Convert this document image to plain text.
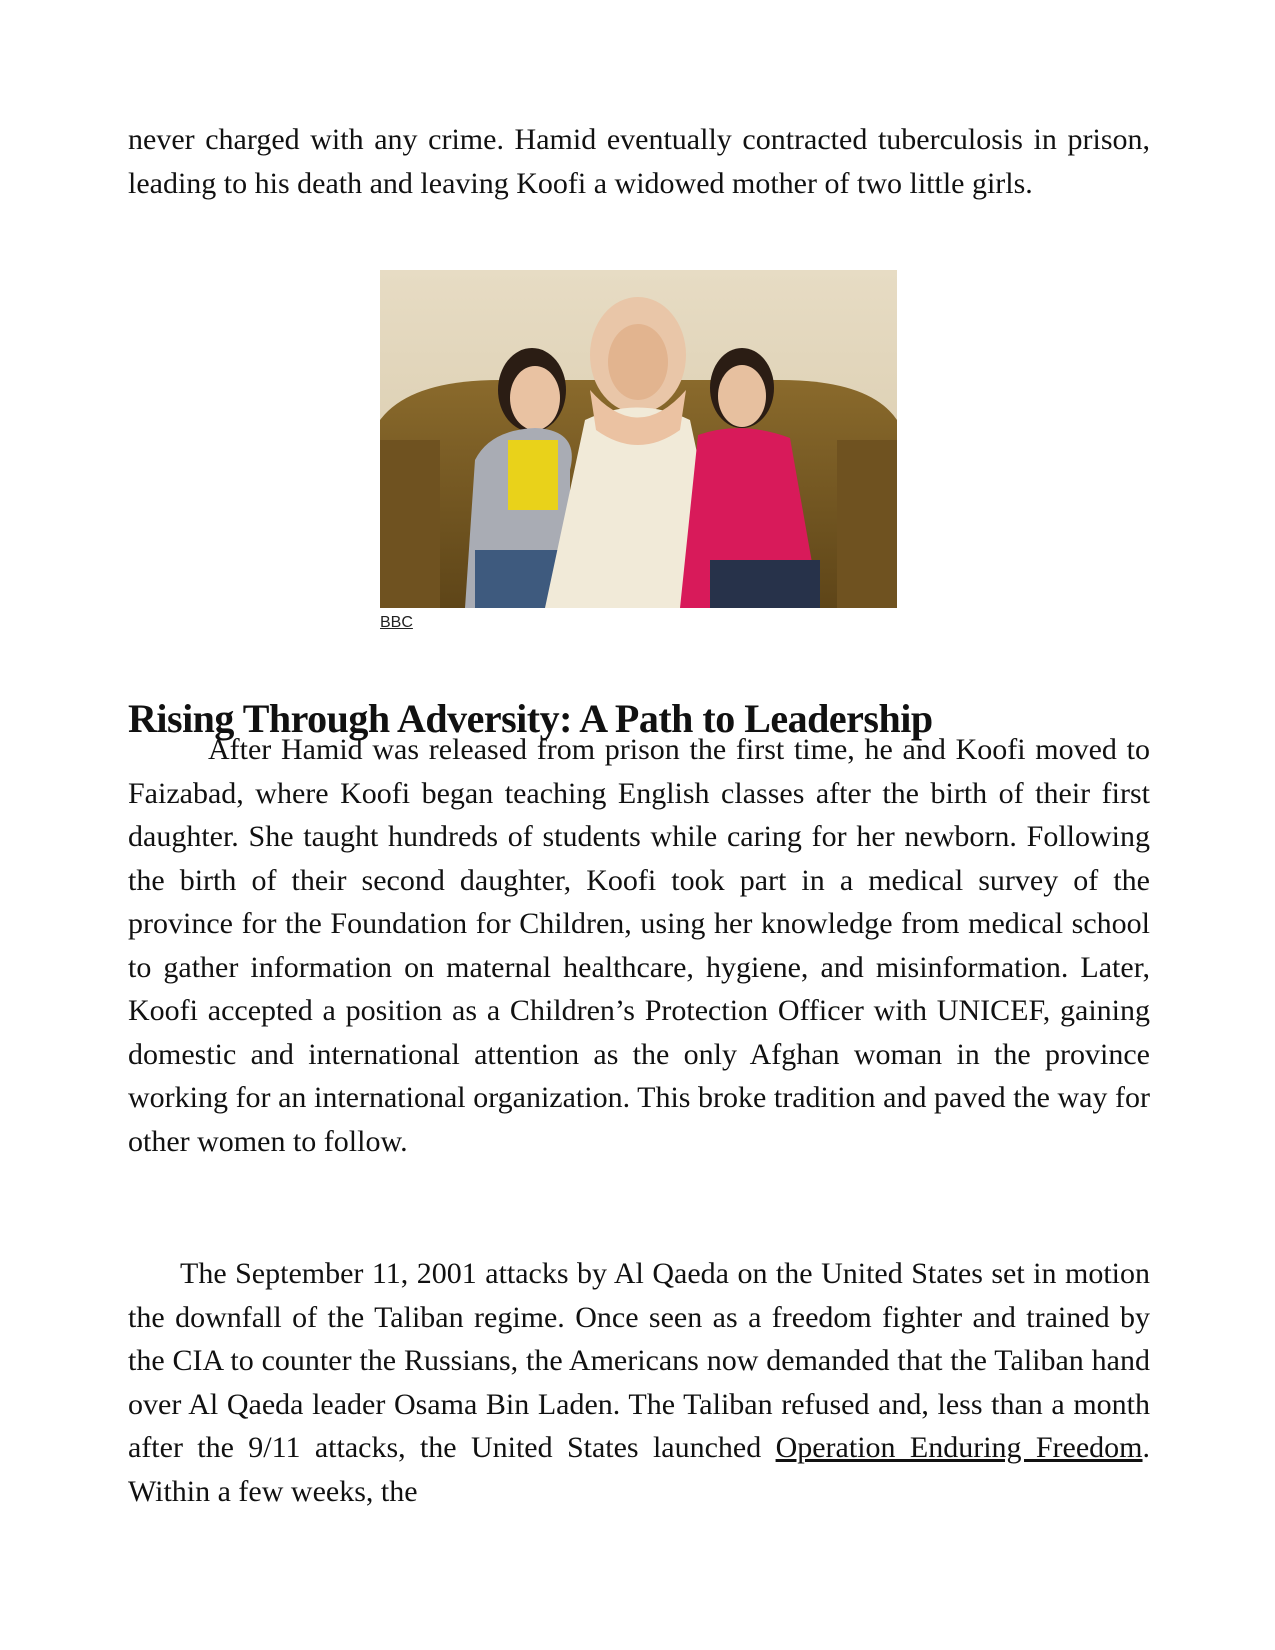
never charged with any crime. Hamid eventually contracted tuberculosis in prison, leading to his death and leaving Koofi a widowed mother of two little girls.
BBC
Rising Through Adversity: A Path to Leadership
After Hamid was released from prison the first time, he and Koofi moved to Faizabad, where Koofi began teaching English classes after the birth of their first daughter. She taught hundreds of students while caring for her newborn. Following the birth of their second daughter, Koofi took part in a medical survey of the province for the Foundation for Children, using her knowledge from medical school to gather information on maternal healthcare, hygiene, and misinformation. Later, Koofi accepted a position as a Children’s Protection Officer with UNICEF, gaining domestic and international attention as the only Afghan woman in the province working for an international organization. This broke tradition and paved the way for other women to follow.
The September 11, 2001 attacks by Al Qaeda on the United States set in motion the downfall of the Taliban regime. Once seen as a freedom fighter and trained by the CIA to counter the Russians, the Americans now demanded that the Taliban hand over Al Qaeda leader Osama Bin Laden. The Taliban refused and, less than a month after the 9/11 attacks, the United States launched Operation Enduring Freedom. Within a few weeks, the
